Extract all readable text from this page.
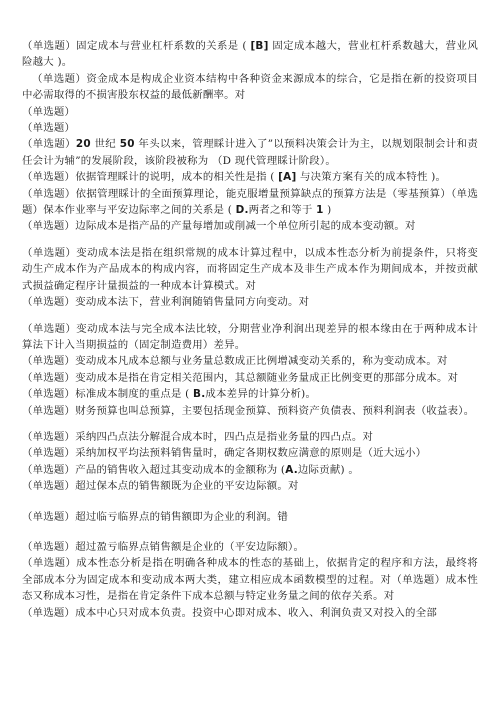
（单选题）固定成本与营业杠杆系数的关系是 ( [B] 固定成本越大，营业杠杆系数越大，营业风险越大 )。

（单选题）资金成本是构成企业资本结构中各种资金来源成本的综合，它是指在新的投资项目中必需取得的不损害股东权益的最低新酬率。对

（单选题）

（单选题）

（单选题）20 世纪 50 年头以来，管理睬计进入了”以预料决策会计为主，以规划限制会计和责任会计为辅”的发展阶段，该阶段被称为 （D 现代管理睬计阶段）。

（单选题）依据管理睬计的说明，成本的相关性是指 ( [A] 与决策方案有关的成本特性 )。

（单选题）依据管理睬计的全面预算理论，能克服增量预算缺点的预算方法是（零基预算）（单选题）保本作业率与平安边际率之间的关系是 ( D.两者之和等于 1 )

（单选题）边际成本是指产品的产量每增加或削减一个单位所引起的成本变动额。对

（单选题）变动成本法是指在组织常规的成本计算过程中，以成本性态分析为前提条件，只将变动生产成本作为产品成本的构成内容，而将固定生产成本及非生产成本作为期间成本，并按贡献式损益确定程序计量损益的一种成本计算模式。对

（单选题）变动成本法下，营业利润随销售量同方向变动。对

（单选题）变动成本法与完全成本法比较，分期营业净利润出现差异的根本缘由在于两种成本计算法下计入当期损益的（固定制造费用）差异。

（单选题）变动成本凡成本总额与业务量总数成正比例增减变动关系的，称为变动成本。对

（单选题）变动成本是指在肯定相关范围内，其总额随业务量成正比例变更的那部分成本。对

（单选题）标准成本制度的重点是 ( B.成本差异的计算分析)。

（单选题）财务预算也叫总预算，主要包括现金预算、预料资产负债表、预料利润表（收益表）。

（单选题）采纳四凸点法分解混合成本时，四凸点是指业务量的四凸点。对

（单选题）采纳加权平均法预料销售量时，确定各期权数应满意的原则是（近大远小）

（单选题）产品的销售收入超过其变动成本的金额称为 (A.边际贡献) 。

（单选题）超过保本点的销售额既为企业的平安边际额。对

（单选题）超过临亏临界点的销售额即为企业的利润。错

（单选题）超过盈亏临界点销售额是企业的（平安边际额）。

（单选题）成本性态分析是指在明确各种成本的性态的基础上，依据肯定的程序和方法，最终将全部成本分为固定成本和变动成本两大类，建立相应成本函数模型的过程。对（单选题）成本性态又称成本习性，是指在肯定条件下成本总额与特定业务量之间的依存关系。对

（单选题）成本中心只对成本负责。投资中心即对成本、收入、利润负责又对投入的全部
